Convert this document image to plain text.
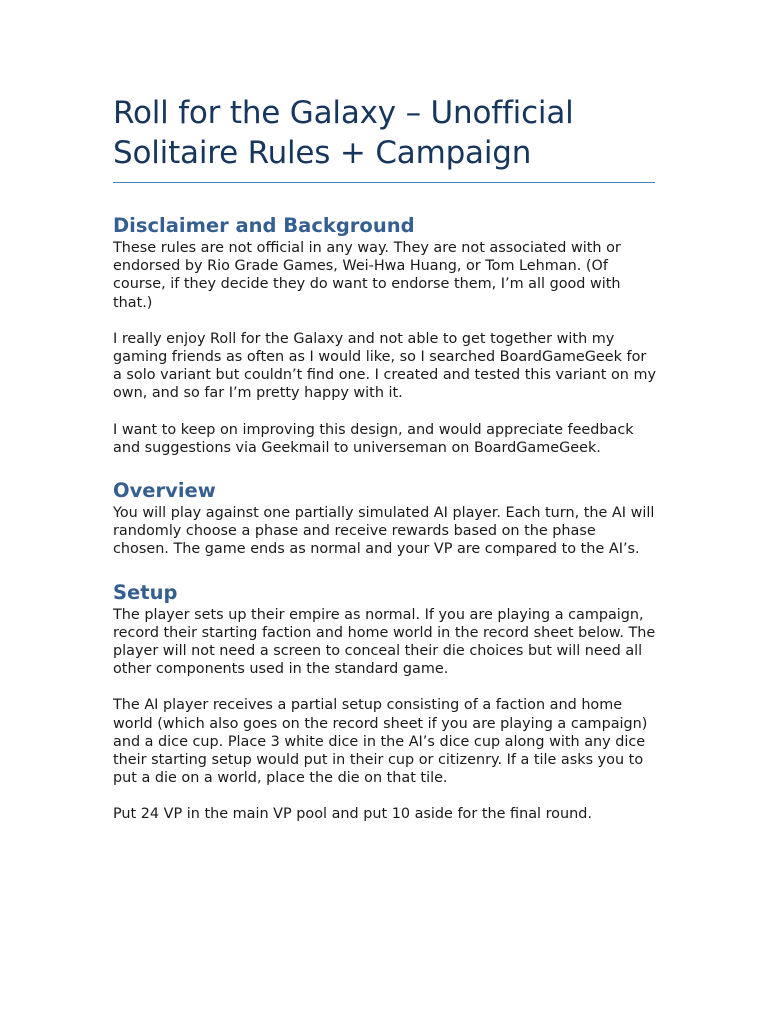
Roll for the Galaxy – Unofficial
Solitaire Rules + Campaign
Disclaimer and Background

These rules are not official in any way. They are not associated with or endorsed by Rio Grade Games, Wei-Hwa Huang, or Tom Lehman. (Of course, if they decide they do want to endorse them, I’m all good with that.)

I really enjoy Roll for the Galaxy and not able to get together with my gaming friends as often as I would like, so I searched BoardGameGeek for a solo variant but couldn’t find one. I created and tested this variant on my own, and so far I’m pretty happy with it.

I want to keep on improving this design, and would appreciate feedback and suggestions via Geekmail to universeman on BoardGameGeek.

Overview

You will play against one partially simulated AI player. Each turn, the AI will randomly choose a phase and receive rewards based on the phase chosen. The game ends as normal and your VP are compared to the AI’s.

Setup

The player sets up their empire as normal. If you are playing a campaign, record their starting faction and home world in the record sheet below. The player will not need a screen to conceal their die choices but will need all other components used in the standard game.

The AI player receives a partial setup consisting of a faction and home world (which also goes on the record sheet if you are playing a campaign) and a dice cup. Place 3 white dice in the AI’s dice cup along with any dice their starting setup would put in their cup or citizenry. If a tile asks you to put a die on a world, place the die on that tile.

Put 24 VP in the main VP pool and put 10 aside for the final round.
